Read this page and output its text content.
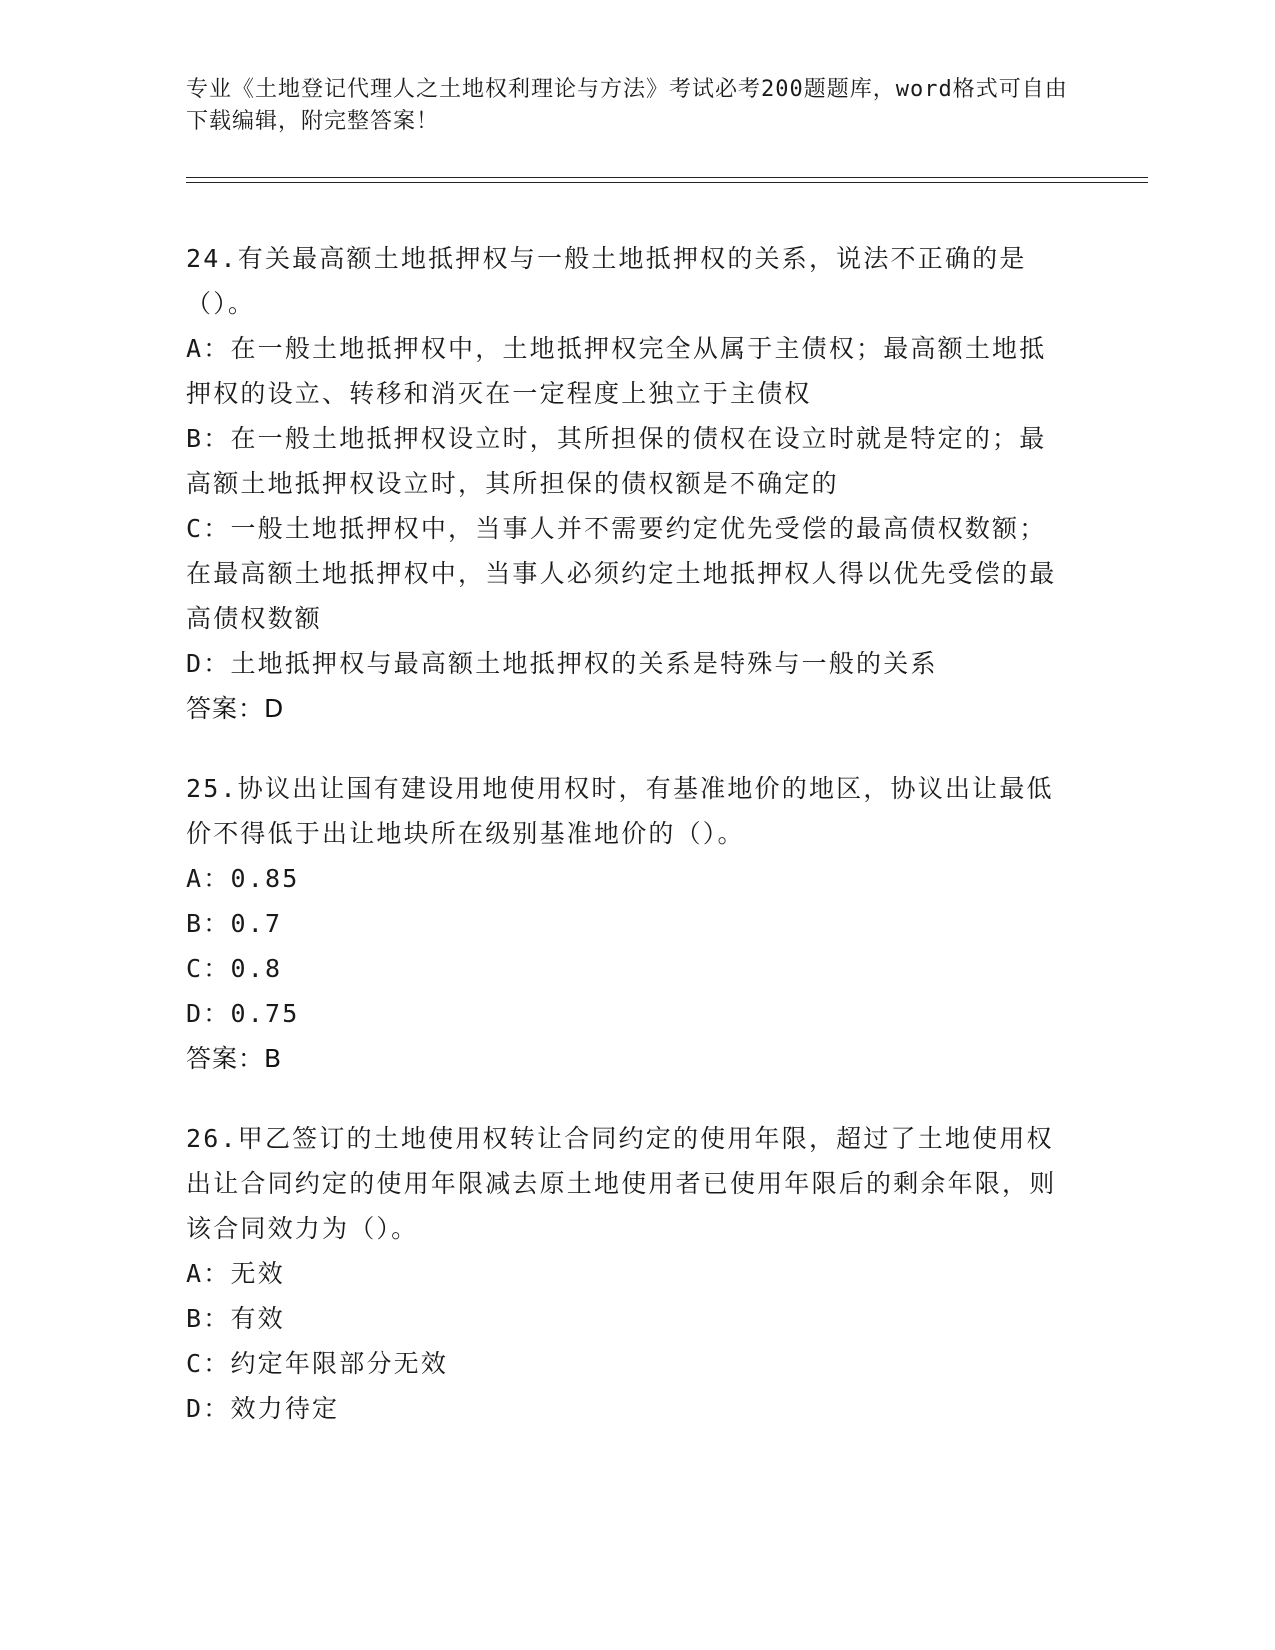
专业《土地登记代理人之土地权利理论与方法》考试必考200题题库，word格式可自由下载编辑，附完整答案！

24.有关最高额土地抵押权与一般土地抵押权的关系，说法不正确的是（）。

A：在一般土地抵押权中，土地抵押权完全从属于主债权；最高额土地抵押权的设立、转移和消灭在一定程度上独立于主债权

B：在一般土地抵押权设立时，其所担保的债权在设立时就是特定的；最高额土地抵押权设立时，其所担保的债权额是不确定的

C：一般土地抵押权中，当事人并不需要约定优先受偿的最高债权数额；在最高额土地抵押权中，当事人必须约定土地抵押权人得以优先受偿的最高债权数额

D：土地抵押权与最高额土地抵押权的关系是特殊与一般的关系

答案：D

25.协议出让国有建设用地使用权时，有基准地价的地区，协议出让最低价不得低于出让地块所在级别基准地价的（）。

A：0.85

B：0.7

C：0.8

D：0.75

答案：B

26.甲乙签订的土地使用权转让合同约定的使用年限，超过了土地使用权出让合同约定的使用年限减去原土地使用者已使用年限后的剩余年限，则该合同效力为（）。

A：无效

B：有效

C：约定年限部分无效

D：效力待定
